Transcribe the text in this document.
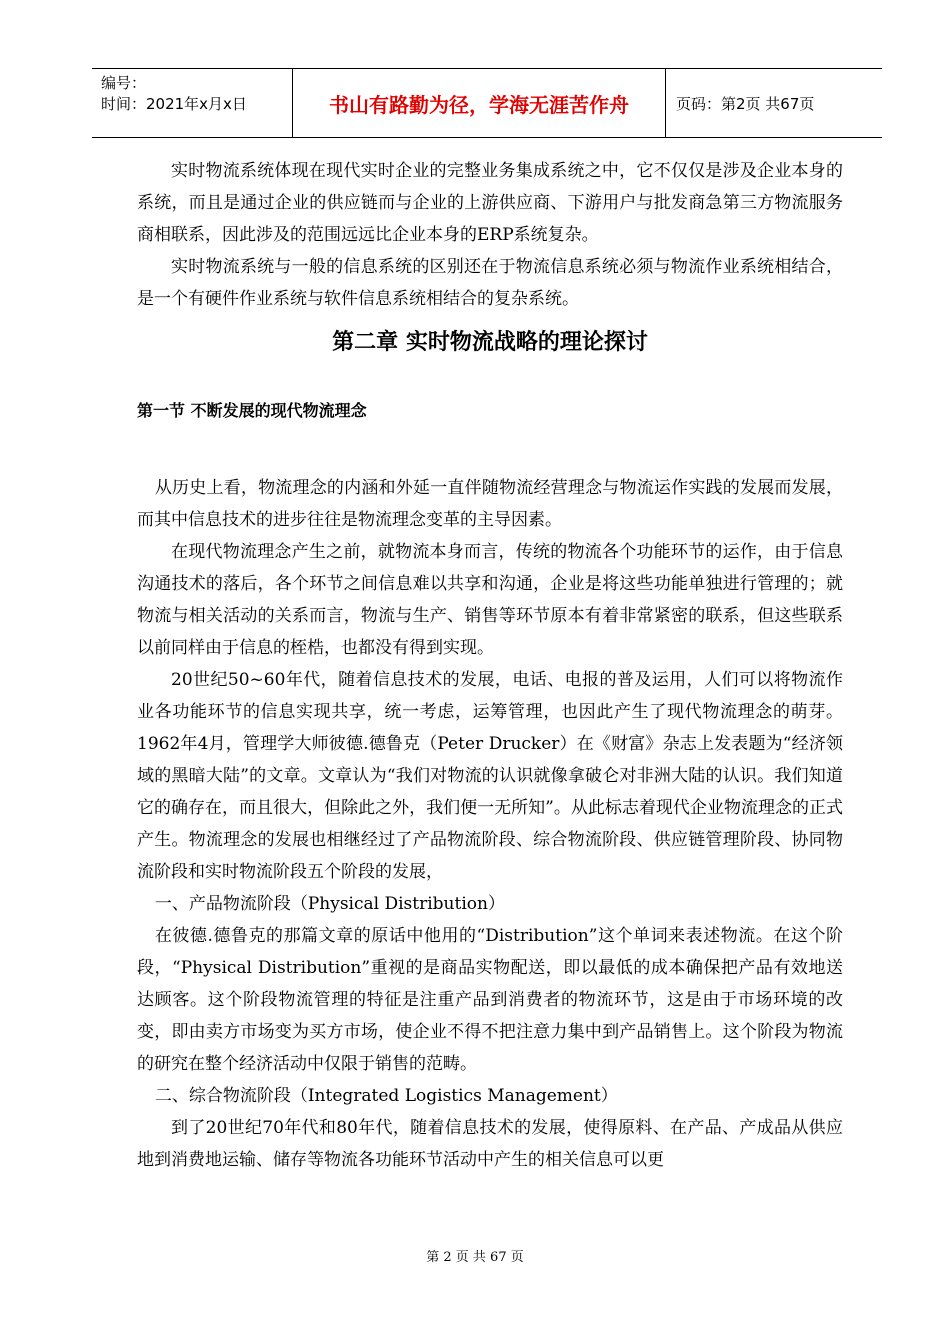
编号：
时间：2021年x月x日	书山有路勤为径，学海无涯苦作舟	页码：第2页 共67页

实时物流系统体现在现代实时企业的完整业务集成系统之中，它不仅仅是涉及企业本身的系统，而且是通过企业的供应链而与企业的上游供应商、下游用户与批发商急第三方物流服务商相联系，因此涉及的范围远远比企业本身的ERP系统复杂。

实时物流系统与一般的信息系统的区别还在于物流信息系统必须与物流作业系统相结合，是一个有硬件作业系统与软件信息系统相结合的复杂系统。

第二章 实时物流战略的理论探讨

第一节 不断发展的现代物流理念

从历史上看，物流理念的内涵和外延一直伴随物流经营理念与物流运作实践的发展而发展，而其中信息技术的进步往往是物流理念变革的主导因素。

在现代物流理念产生之前，就物流本身而言，传统的物流各个功能环节的运作，由于信息沟通技术的落后，各个环节之间信息难以共享和沟通，企业是将这些功能单独进行管理的；就物流与相关活动的关系而言，物流与生产、销售等环节原本有着非常紧密的联系，但这些联系以前同样由于信息的桎梏，也都没有得到实现。

20世纪50~60年代，随着信息技术的发展，电话、电报的普及运用，人们可以将物流作业各功能环节的信息实现共享，统一考虑，运筹管理，也因此产生了现代物流理念的萌芽。1962年4月，管理学大师彼德.德鲁克（Peter Drucker）在《财富》杂志上发表题为“经济领域的黑暗大陆”的文章。文章认为“我们对物流的认识就像拿破仑对非洲大陆的认识。我们知道它的确存在，而且很大，但除此之外，我们便一无所知”。从此标志着现代企业物流理念的正式产生。物流理念的发展也相继经过了产品物流阶段、综合物流阶段、供应链管理阶段、协同物流阶段和实时物流阶段五个阶段的发展，

一、产品物流阶段（Physical Distribution）

在彼德.德鲁克的那篇文章的原话中他用的“Distribution”这个单词来表述物流。在这个阶段，“Physical Distribution”重视的是商品实物配送，即以最低的成本确保把产品有效地送达顾客。这个阶段物流管理的特征是注重产品到消费者的物流环节，这是由于市场环境的改变，即由卖方市场变为买方市场，使企业不得不把注意力集中到产品销售上。这个阶段为物流的研究在整个经济活动中仅限于销售的范畴。

二、综合物流阶段（Integrated Logistics Management）

到了20世纪70年代和80年代，随着信息技术的发展，使得原料、在产品、产成品从供应地到消费地运输、储存等物流各功能环节活动中产生的相关信息可以更

第 2 页 共 67 页
